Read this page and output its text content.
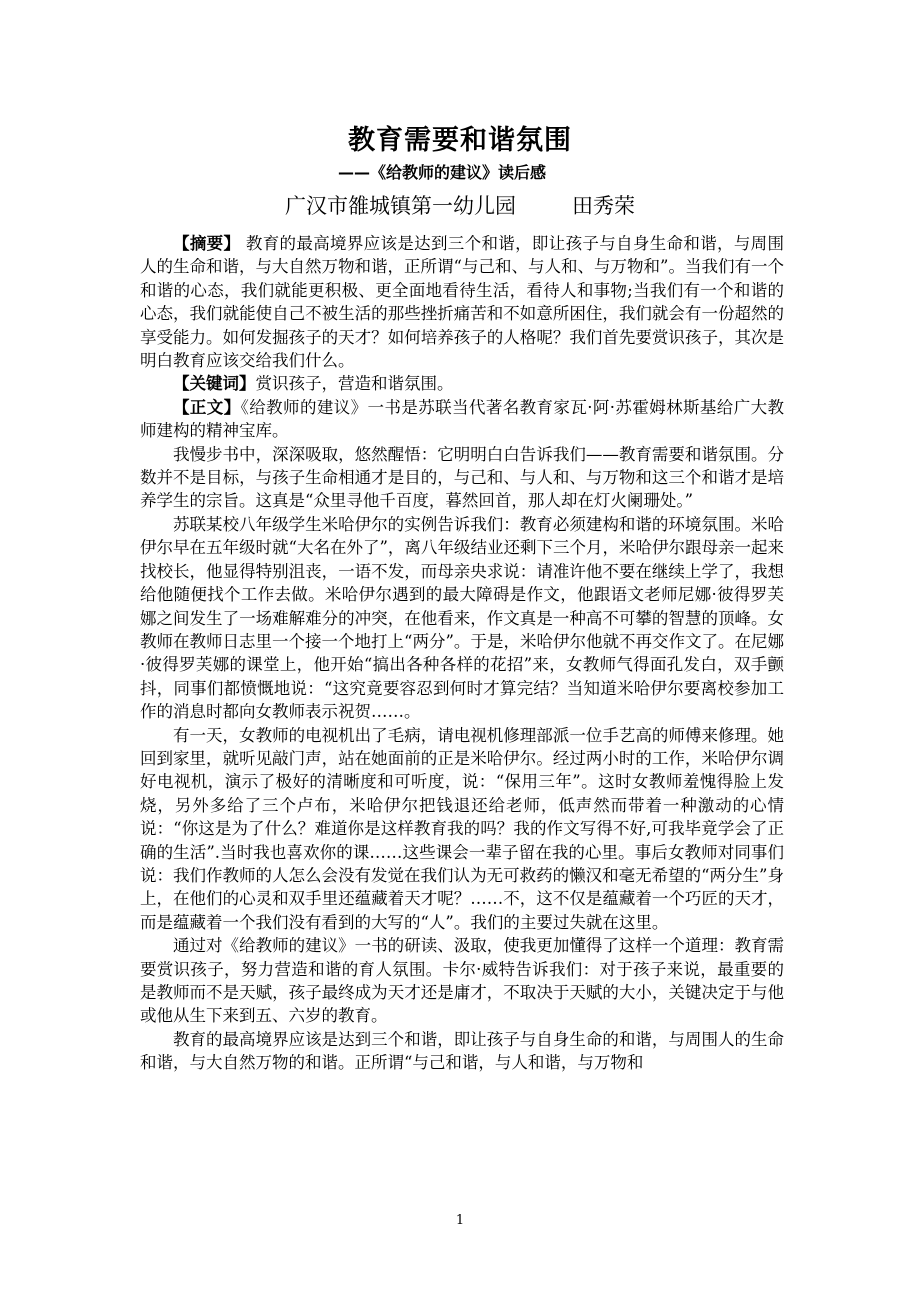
教育需要和谐氛围
——《给教师的建议》读后感
广汉市雒城镇第一幼儿园	田秀荣

【摘要】 教育的最高境界应该是达到三个和谐，即让孩子与自身生命和谐，与周围人的生命和谐，与大自然万物和谐，正所谓“与己和、与人和、与万物和”。当我们有一个和谐的心态，我们就能更积极、更全面地看待生活，看待人和事物;当我们有一个和谐的心态，我们就能使自己不被生活的那些挫折痛苦和不如意所困住，我们就会有一份超然的享受能力。如何发掘孩子的天才？如何培养孩子的人格呢？我们首先要赏识孩子，其次是明白教育应该交给我们什么。

【关键词】赏识孩子，营造和谐氛围。

【正文】《给教师的建议》一书是苏联当代著名教育家瓦·阿·苏霍姆林斯基给广大教师建构的精神宝库。

我慢步书中，深深吸取，悠然醒悟：它明明白白告诉我们——教育需要和谐氛围。分数并不是目标，与孩子生命相通才是目的，与己和、与人和、与万物和这三个和谐才是培养学生的宗旨。这真是“众里寻他千百度，暮然回首，那人却在灯火阑珊处。”

苏联某校八年级学生米哈伊尔的实例告诉我们：教育必须建构和谐的环境氛围。米哈伊尔早在五年级时就“大名在外了”，离八年级结业还剩下三个月，米哈伊尔跟母亲一起来找校长，他显得特别沮丧，一语不发，而母亲央求说：请准许他不要在继续上学了，我想给他随便找个工作去做。米哈伊尔遇到的最大障碍是作文，他跟语文老师尼娜·彼得罗芙娜之间发生了一场难解难分的冲突，在他看来，作文真是一种高不可攀的智慧的顶峰。女教师在教师日志里一个接一个地打上“两分”。于是，米哈伊尔他就不再交作文了。在尼娜·彼得罗芙娜的课堂上，他开始“搞出各种各样的花招”来，女教师气得面孔发白，双手颤抖，同事们都愤慨地说：“这究竟要容忍到何时才算完结？当知道米哈伊尔要离校参加工作的消息时都向女教师表示祝贺……。

有一天，女教师的电视机出了毛病，请电视机修理部派一位手艺高的师傅来修理。她回到家里，就听见敲门声，站在她面前的正是米哈伊尔。经过两小时的工作，米哈伊尔调好电视机，演示了极好的清晰度和可听度，说：“保用三年”。这时女教师羞愧得脸上发烧，另外多给了三个卢布，米哈伊尔把钱退还给老师，低声然而带着一种激动的心情说：“你这是为了什么？难道你是这样教育我的吗？我的作文写得不好,可我毕竟学会了正确的生活”.当时我也喜欢你的课……这些课会一辈子留在我的心里。事后女教师对同事们说：我们作教师的人怎么会没有发觉在我们认为无可救药的懒汉和毫无希望的“两分生”身上，在他们的心灵和双手里还蕴藏着天才呢？……不，这不仅是蕴藏着一个巧匠的天才，而是蕴藏着一个我们没有看到的大写的“人”。我们的主要过失就在这里。

通过对《给教师的建议》一书的研读、汲取，使我更加懂得了这样一个道理：教育需要赏识孩子，努力营造和谐的育人氛围。卡尔·威特告诉我们：对于孩子来说，最重要的是教师而不是天赋，孩子最终成为天才还是庸才，不取决于天赋的大小，关键决定于与他或他从生下来到五、六岁的教育。

教育的最高境界应该是达到三个和谐，即让孩子与自身生命的和谐，与周围人的生命和谐，与大自然万物的和谐。正所谓“与己和谐，与人和谐，与万物和

1
